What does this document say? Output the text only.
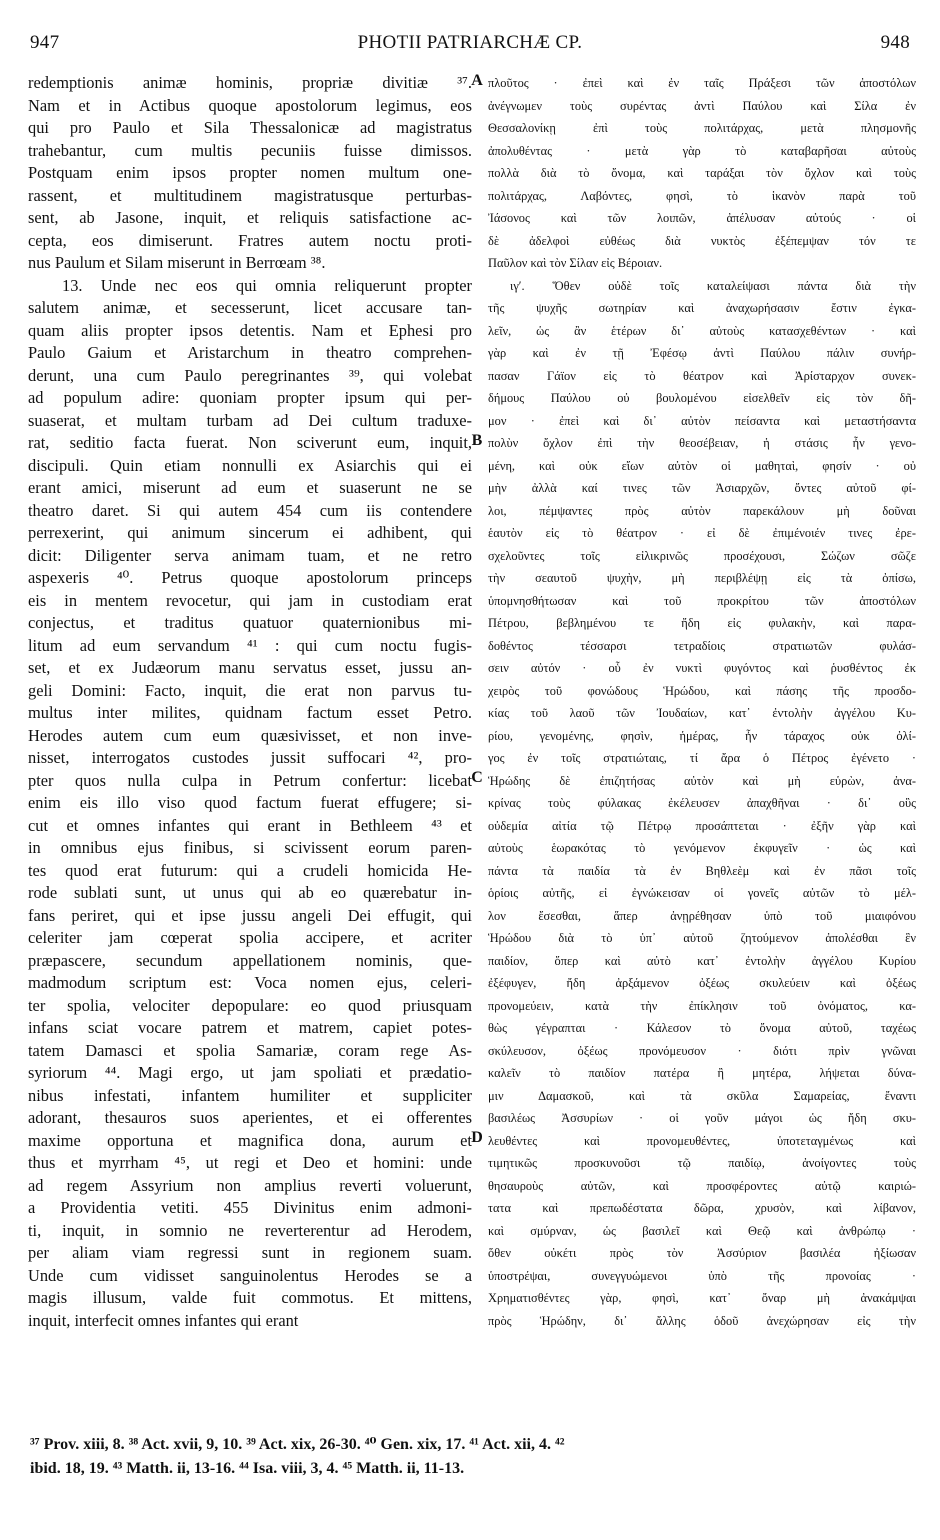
947	PHOTII PATRIARCHÆ CP.	948
redemptionis animæ hominis, propriæ divitiæ ³⁷.
Nam et in Actibus quoque apostolorum legimus, eos
qui pro Paulo et Sila Thessalonicæ ad magistratus
trahebantur, cum multis pecuniis fuisse dimissos.
Postquam enim ipsos propter nomen multum one-
rassent, et multitudinem magistratusque perturbas-
sent, ab Jasone, inquit, et reliquis satisfactione ac-
cepta, eos dimiserunt. Fratres autem noctu proti-
nus Paulum et Silam miserunt in Berrœam ³⁸.
13. Unde nec eos qui omnia reliquerunt propter
salutem animæ, et secesserunt, licet accusare tan-
quam aliis propter ipsos detentis. Nam et Ephesi pro
Paulo Gaium et Aristarchum in theatro comprehen-
derunt, una cum Paulo peregrinantes ³⁹, qui volebat
ad populum adire: quoniam propter ipsum qui per-
suaserat, et multam turbam ad Dei cultum traduxe-
rat, seditio facta fuerat. Non sciverunt eum, inquit,
discipuli. Quin etiam nonnulli ex Asiarchis qui ei
erant amici, miserunt ad eum et suaserunt ne se
theatro daret. Si qui autem 454 cum iis contendere
perrexerint, qui animum sincerum ei adhibent, qui
dicit: Diligenter serva animam tuam, et ne retro
aspexeris ⁴⁰. Petrus quoque apostolorum princeps
eis in mentem revocetur, qui jam in custodiam erat
conjectus, et traditus quatuor quaternionibus mi-
litum ad eum servandum ⁴¹ : qui cum noctu fugis-
set, et ex Judæorum manu servatus esset, jussu an-
geli Domini: Facto, inquit, die erat non parvus tu-
multus inter milites, quidnam factum esset Petro.
Herodes autem cum eum quæsivisset, et non inve-
nisset, interrogatos custodes jussit suffocari ⁴², pro-
pter quos nulla culpa in Petrum confertur: licebat
enim eis illo viso quod factum fuerat effugere; si-
cut et omnes infantes qui erant in Bethleem ⁴³ et
in omnibus ejus finibus, si scivissent eorum paren-
tes quod erat futurum: qui a crudeli homicida He-
rode sublati sunt, ut unus qui ab eo quærebatur in-
fans periret, qui et ipse jussu angeli Dei effugit, qui
celeriter jam cœperat spolia accipere, et acriter
præpascere, secundum appellationem nominis, que-
madmodum scriptum est: Voca nomen ejus, celeri-
ter spolia, velociter depopulare: eo quod priusquam
infans sciat vocare patrem et matrem, capiet potes-
tatem Damasci et spolia Samariæ, coram rege As-
syriorum ⁴⁴. Magi ergo, ut jam spoliati et prædatio-
nibus infestati, infantem humiliter et suppliciter
adorant, thesauros suos aperientes, et ei offerentes
maxime opportuna et magnifica dona, aurum et
thus et myrrham ⁴⁵, ut regi et Deo et homini: unde
ad regem Assyrium non amplius reverti voluerunt,
a Providentia vetiti. 455 Divinitus enim admoni-
ti, inquit, in somnio ne reverterentur ad Herodem,
per aliam viam regressi sunt in regionem suam.
Unde cum vidisset sanguinolentus Herodes se a
magis illusum, valde fuit commotus. Et mittens,
inquit, interfecit omnes infantes qui erant
πλοῦτος · ἐπεὶ καὶ ἐν ταῖς Πράξεσι τῶν ἀποστόλων
ἀνέγνωμεν τοὺς συρέντας ἀντὶ Παύλου καὶ Σίλα ἐν
Θεσσαλονίκῃ ἐπὶ τοὺς πολιτάρχας, μετὰ πλησμονῆς
ἀπολυθέντας · μετὰ γὰρ τὸ καταβαρῆσαι αὐτοὺς
πολλὰ διὰ τὸ ὄνομα, καὶ ταράξαι τὸν ὄχλον καὶ τοὺς
πολιτάρχας, Λαβόντες, φησὶ, τὸ ἱκανὸν παρὰ τοῦ
Ἰάσονος καὶ τῶν λοιπῶν, ἀπέλυσαν αὐτούς · οἱ
δὲ ἀδελφοὶ εὐθέως διὰ νυκτὸς ἐξέπεμψαν τόν τε
Παῦλον καὶ τὸν Σίλαν εἰς Βέροιαν.
ιγʹ. Ὅθεν οὐδὲ τοῖς καταλείψασι πάντα διὰ τὴν
τῆς ψυχῆς σωτηρίαν καὶ ἀναχωρήσασιν ἔστιν ἐγκα-
λεῖν, ὡς ἂν ἑτέρων δι᾽ αὐτοὺς κατασχεθέντων · καὶ
γὰρ καὶ ἐν τῇ Ἐφέσῳ ἀντὶ Παύλου πάλιν συνήρ-
πασαν Γάϊον εἰς τὸ θέατρον καὶ Ἀρίσταρχον συνεκ-
δήμους Παύλου οὐ βουλομένου εἰσελθεῖν εἰς τὸν δῆ-
μον · ἐπεὶ καὶ δι᾽ αὐτὸν πείσαντα καὶ μεταστήσαντα
πολὺν ὄχλον ἐπὶ τὴν θεοσέβειαν, ἡ στάσις ἦν γενο-
μένη, καὶ οὐκ εἴων αὐτὸν οἱ μαθηταὶ, φησίν · οὐ
μὴν ἀλλὰ καί τινες τῶν Ἀσιαρχῶν, ὄντες αὐτοῦ φί-
λοι, πέμψαντες πρὸς αὐτὸν παρεκάλουν μὴ δοῦναι
ἑαυτὸν εἰς τὸ θέατρον · εἰ δὲ ἐπιμένοιέν τινες ἐρε-
σχελοῦντες τοῖς εἰλικρινῶς προσέχουσι, Σώζων σῶζε
τὴν σεαυτοῦ ψυχὴν, μὴ περιβλέψῃ εἰς τὰ ὀπίσω,
ὑπομνησθήτωσαν καὶ τοῦ προκρίτου τῶν ἀποστόλων
Πέτρου, βεβλημένου τε ἤδη εἰς φυλακὴν, καὶ παρα-
δοθέντος τέσσαρσι τετραδίοις στρατιωτῶν φυλάσ-
σειν αὐτόν · οὗ ἐν νυκτὶ φυγόντος καὶ ῥυσθέντος ἐκ
χειρὸς τοῦ φονώδους Ἡρώδου, καὶ πάσης τῆς προσδο-
κίας τοῦ λαοῦ τῶν Ἰουδαίων, κατ᾽ ἐντολὴν ἀγγέλου Κυ-
ρίου, γενομένης, φησὶν, ἡμέρας, ἦν τάραχος οὐκ ὀλί-
γος ἐν τοῖς στρατιώταις, τί ἄρα ὁ Πέτρος ἐγένετο ·
Ἡρώδης δὲ ἐπιζητήσας αὐτὸν καὶ μὴ εὑρὼν, ἀνα-
κρίνας τοὺς φύλακας ἐκέλευσεν ἀπαχθῆναι · δι᾽ οὓς
οὐδεμία αἰτία τῷ Πέτρῳ προσάπτεται · ἐξῆν γὰρ καὶ
αὐτοὺς ἑωρακότας τὸ γενόμενον ἐκφυγεῖν · ὡς καὶ
πάντα τὰ παιδία τὰ ἐν Βηθλεὲμ καὶ ἐν πᾶσι τοῖς
ὁρίοις αὐτῆς, εἰ ἐγνώκεισαν οἱ γονεῖς αὐτῶν τὸ μέλ-
λον ἔσεσθαι, ἅπερ ἀνῃρέθησαν ὑπὸ τοῦ μιαιφόνου
Ἡρώδου διὰ τὸ ὑπ᾽ αὐτοῦ ζητούμενον ἀπολέσθαι ἓν
παιδίον, ὅπερ καὶ αὐτὸ κατ᾽ ἐντολὴν ἀγγέλου Κυρίου
ἐξέφυγεν, ἤδη ἀρξάμενον ὀξέως σκυλεύειν καὶ ὀξέως
προνομεύειν, κατὰ τὴν ἐπίκλησιν τοῦ ὀνόματος, κα-
θὼς γέγραπται · Κάλεσον τὸ ὄνομα αὐτοῦ, ταχέως
σκύλευσον, ὀξέως προνόμευσον · διότι πρὶν γνῶναι
καλεῖν τὸ παιδίον πατέρα ἢ μητέρα, λήψεται δύνα-
μιν Δαμασκοῦ, καὶ τὰ σκῦλα Σαμαρείας, ἔναντι
βασιλέως Ἀσσυρίων · οἱ γοῦν μάγοι ὡς ἤδη σκυ-
λευθέντες καὶ προνομευθέντες, ὑποτεταγμένως καὶ
τιμητικῶς προσκυνοῦσι τῷ παιδίῳ, ἀνοίγοντες τοὺς
θησαυροὺς αὐτῶν, καὶ προσφέροντες αὐτῷ καιριώ-
τατα καὶ πρεπωδέστατα δῶρα, χρυσὸν, καὶ λίβανον,
καὶ σμύρναν, ὡς βασιλεῖ καὶ Θεῷ καὶ ἀνθρώπῳ ·
ὅθεν οὐκέτι πρὸς τὸν Ἀσσύριον βασιλέα ἠξίωσαν
ὑποστρέψαι, συνεγγυώμενοι ὑπὸ τῆς προνοίας ·
Χρηματισθέντες γὰρ, φησὶ, κατ᾽ ὄναρ μὴ ἀνακάμψαι
πρὸς Ἡρώδην, δι᾽ ἄλλης ὁδοῦ ἀνεχώρησαν εἰς τὴν
A
B
C
D
³⁷ Prov. xiii, 8. ³⁸ Act. xvii, 9, 10. ³⁹ Act. xix, 26-30. ⁴⁰ Gen. xix, 17. ⁴¹ Act. xii, 4. ⁴²
ibid. 18, 19. ⁴³ Matth. ii, 13-16. ⁴⁴ Isa. viii, 3, 4. ⁴⁵ Matth. ii, 11-13.
